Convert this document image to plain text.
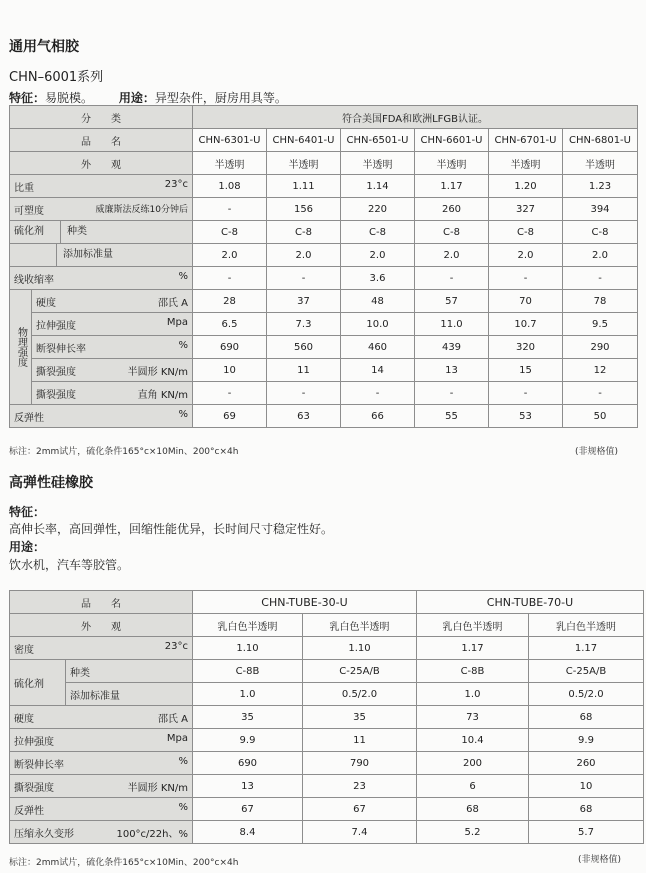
通用气相胶
CHN–6001系列
特征：易脱模。 用途：异型杂件，厨房用具等。
分　　类		符合美国FDA和欧洲LFGB认证。					
品　　名		CHN-6301-U	CHN-6401-U	CHN-6501-U	CHN-6601-U	CHN-6701-U	CHN-6801-U
外　　观		半透明	半透明	半透明	半透明	半透明	半透明

比重 23°c		1.08	1.11	1.14	1.17	1.20	1.23

可塑度 威廉斯法反练10分钟后		-	156	220	260	327	394

硫化剂 种类		C-8	C-8	C-8	C-8	C-8	C-8

添加标准量		2.0	2.0	2.0	2.0	2.0	2.0

线收缩率 %		-	-	3.6	-	-	-

物理强度	硬度 邵氏 A	28	37	48	57	70	78

	拉伸强度 Mpa	6.5	7.3	10.0	11.0	10.7	9.5

	断裂伸长率 %	690	560	460	439	320	290

	撕裂强度 半圆形 KN/m	10	11	14	13	15	12

	撕裂强度 直角 KN/m	-	-	-	-	-	-

反弹性 %		69	63	66	55	53	50
标注：2mm试片，硫化条件165°c×10Min、200°c×4h	(非规格值)
高弹性硅橡胶
特征：
高伸长率，高回弹性，回缩性能优异，长时间尺寸稳定性好。
用途：
饮水机，汽车等胶管。
品　　名		CHN-TUBE-30-U		CHN-TUBE-70-U	
外　　观		乳白色半透明	乳白色半透明	乳白色半透明	乳白色半透明

密度 23°c		1.10	1.10	1.17	1.17
硫化剂	种类	C-8B	C-25A/B	C-8B	C-25A/B
	添加标准量	1.0	0.5/2.0	1.0	0.5/2.0

硬度 邵氏 A		35	35	73	68

拉伸强度 Mpa		9.9	11	10.4	9.9

断裂伸长率 %		690	790	200	260

撕裂强度 半圆形 KN/m		13	23	6	10

反弹性 %		67	67	68	68

压缩永久变形 100°c/22h、%		8.4	7.4	5.2	5.7
标注：2mm试片，硫化条件165°c×10Min、200°c×4h	(非规格值)
